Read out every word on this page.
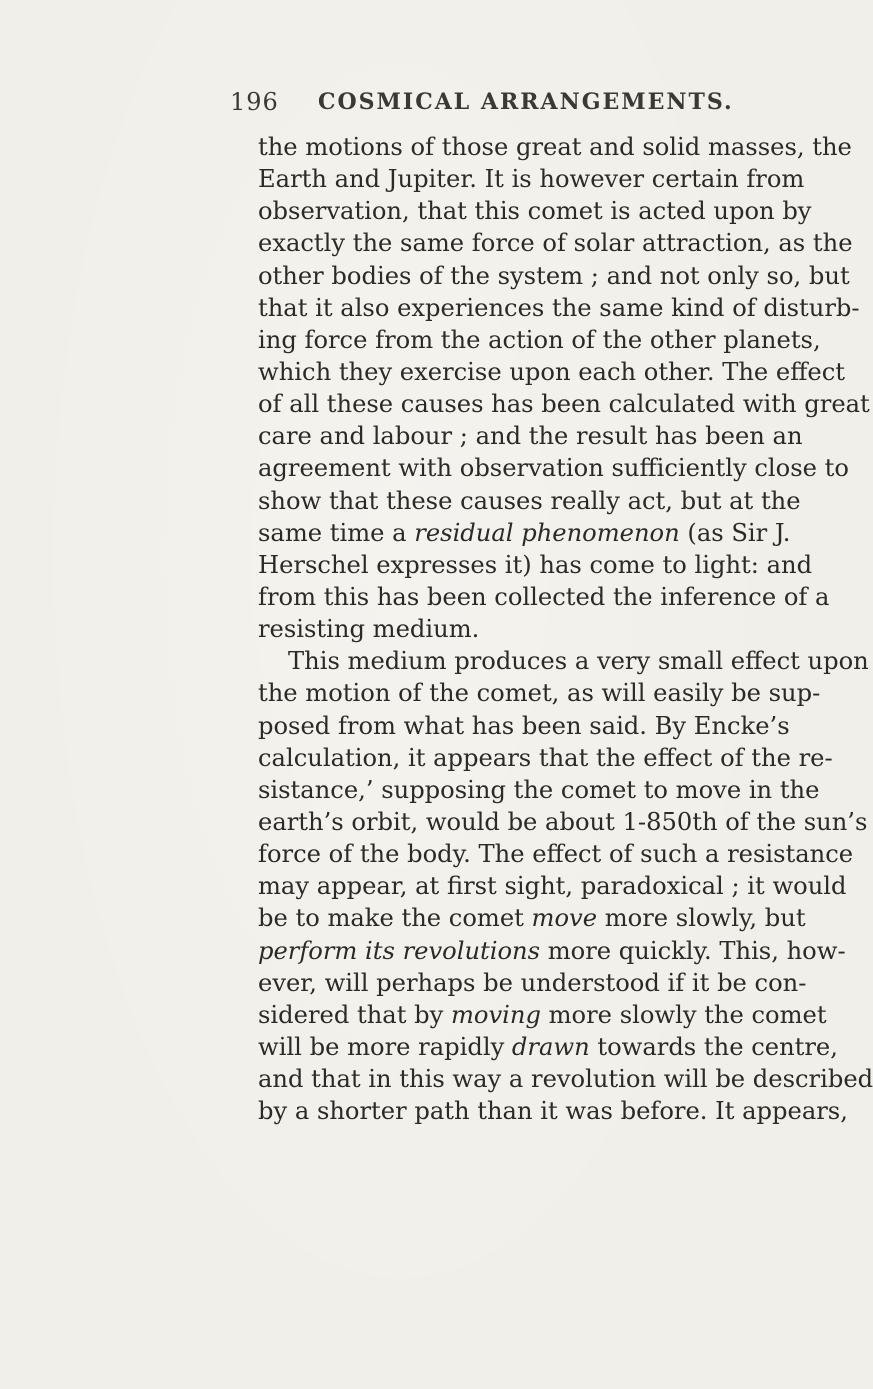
196 COSMICAL ARRANGEMENTS.
the motions of those great and solid masses, the
Earth and Jupiter. It is however certain from
observation, that this comet is acted upon by
exactly the same force of solar attraction, as the
other bodies of the system ; and not only so, but
that it also experiences the same kind of disturb-
ing force from the action of the other planets,
which they exercise upon each other. The effect
of all these causes has been calculated with great
care and labour ; and the result has been an
agreement with observation sufficiently close to
show that these causes really act, but at the
same time a residual phenomenon (as Sir J.
Herschel expresses it) has come to light: and
from this has been collected the inference of a
resisting medium.
This medium produces a very small effect upon
the motion of the comet, as will easily be sup-
posed from what has been said. By Encke’s
calculation, it appears that the effect of the re-
sistance,’ supposing the comet to move in the
earth’s orbit, would be about 1-850th of the sun’s
force of the body. The effect of such a resistance
may appear, at first sight, paradoxical ; it would
be to make the comet move more slowly, but
perform its revolutions more quickly. This, how-
ever, will perhaps be understood if it be con-
sidered that by moving more slowly the comet
will be more rapidly drawn towards the centre,
and that in this way a revolution will be described
by a shorter path than it was before. It appears,
